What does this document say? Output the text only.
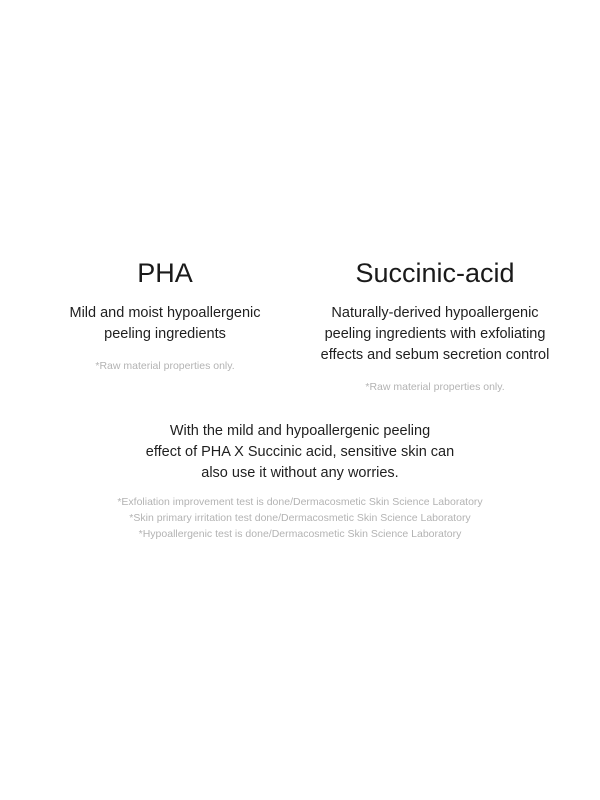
PHA
Mild and moist hypoallergenic
peeling ingredients
*Raw material properties only.
Succinic-acid
Naturally-derived hypoallergenic
peeling ingredients with exfoliating
effects and sebum secretion control
*Raw material properties only.
With the mild and hypoallergenic peeling
effect of PHA X Succinic acid, sensitive skin can
also use it without any worries.
*Exfoliation improvement test is done/Dermacosmetic Skin Science Laboratory
*Skin primary irritation test done/Dermacosmetic Skin Science Laboratory
*Hypoallergenic test is done/Dermacosmetic Skin Science Laboratory
